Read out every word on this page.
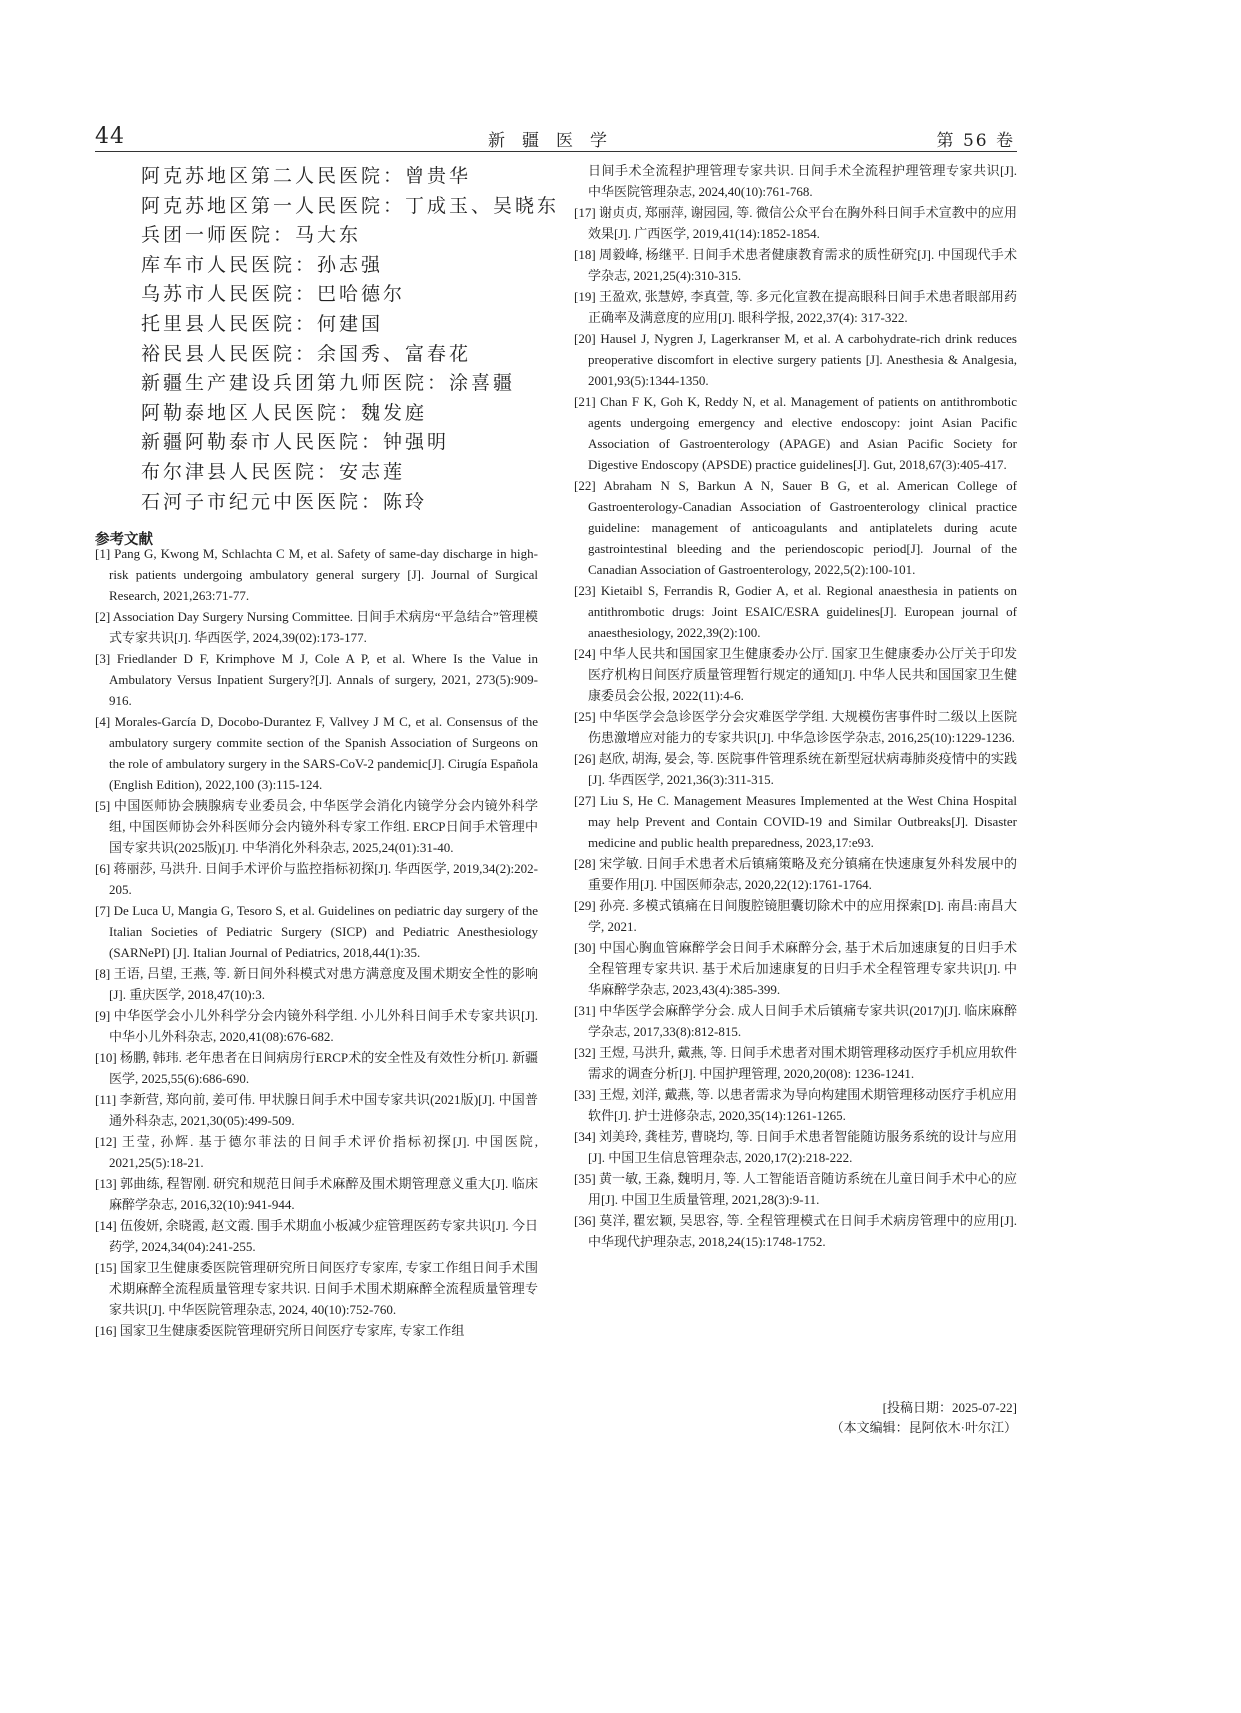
44	新疆医学	第 56 卷
阿克苏地区第二人民医院：曾贵华
阿克苏地区第一人民医院：丁成玉、吴晓东
兵团一师医院：马大东
库车市人民医院：孙志强
乌苏市人民医院：巴哈德尔
托里县人民医院：何建国
裕民县人民医院：余国秀、富春花
新疆生产建设兵团第九师医院：涂喜疆
阿勒泰地区人民医院：魏发庭
新疆阿勒泰市人民医院：钟强明
布尔津县人民医院：安志莲
石河子市纪元中医医院：陈玲
参考文献
[1] Pang G, Kwong M, Schlachta C M, et al. Safety of same-day discharge in high-risk patients undergoing ambulatory general surgery [J]. Journal of Surgical Research, 2021,263:71-77.
[2] Association Day Surgery Nursing Committee. 日间手术病房“平急结合”管理模式专家共识[J]. 华西医学, 2024,39(02):173-177.
[3] Friedlander D F, Krimphove M J, Cole A P, et al. Where Is the Value in Ambulatory Versus Inpatient Surgery?[J]. Annals of surgery, 2021, 273(5):909-916.
[4] Morales-García D, Docobo-Durantez F, Vallvey J M C, et al. Consensus of the ambulatory surgery commite section of the Spanish Association of Surgeons on the role of ambulatory surgery in the SARS-CoV-2 pandemic[J]. Cirugía Española (English Edition), 2022,100 (3):115-124.
[5] 中国医师协会胰腺病专业委员会, 中华医学会消化内镜学分会内镜外科学组, 中国医师协会外科医师分会内镜外科专家工作组. ERCP日间手术管理中国专家共识(2025版)[J]. 中华消化外科杂志, 2025,24(01):31-40.
[6] 蒋丽莎, 马洪升. 日间手术评价与监控指标初探[J]. 华西医学, 2019,34(2):202-205.
[7] De Luca U, Mangia G, Tesoro S, et al. Guidelines on pediatric day surgery of the Italian Societies of Pediatric Surgery (SICP) and Pediatric Anesthesiology (SARNePI) [J]. Italian Journal of Pediatrics, 2018,44(1):35.
[8] 王语, 吕望, 王燕, 等. 新日间外科模式对患方满意度及围术期安全性的影响[J]. 重庆医学, 2018,47(10):3.
[9] 中华医学会小儿外科学分会内镜外科学组. 小儿外科日间手术专家共识[J]. 中华小儿外科杂志, 2020,41(08):676-682.
[10] 杨鹏, 韩玮. 老年患者在日间病房行ERCP术的安全性及有效性分析[J]. 新疆医学, 2025,55(6):686-690.
[11] 李新营, 郑向前, 姜可伟. 甲状腺日间手术中国专家共识(2021版)[J]. 中国普通外科杂志, 2021,30(05):499-509.
[12] 王莹, 孙辉. 基于德尔菲法的日间手术评价指标初探[J]. 中国医院, 2021,25(5):18-21.
[13] 郭曲练, 程智刚. 研究和规范日间手术麻醉及围术期管理意义重大[J]. 临床麻醉学杂志, 2016,32(10):941-944.
[14] 伍俊妍, 余晓霞, 赵文霞. 围手术期血小板减少症管理医药专家共识[J]. 今日药学, 2024,34(04):241-255.
[15] 国家卫生健康委医院管理研究所日间医疗专家库, 专家工作组日间手术围术期麻醉全流程质量管理专家共识. 日间手术围术期麻醉全流程质量管理专家共识[J]. 中华医院管理杂志, 2024, 40(10):752-760.
[16] 国家卫生健康委医院管理研究所日间医疗专家库, 专家工作组
日间手术全流程护理管理专家共识. 日间手术全流程护理管理专家共识[J]. 中华医院管理杂志, 2024,40(10):761-768.
[17] 谢贞贞, 郑丽萍, 谢园园, 等. 微信公众平台在胸外科日间手术宣教中的应用效果[J]. 广西医学, 2019,41(14):1852-1854.
[18] 周毅峰, 杨继平. 日间手术患者健康教育需求的质性研究[J]. 中国现代手术学杂志, 2021,25(4):310-315.
[19] 王盈欢, 张慧婷, 李真萱, 等. 多元化宣教在提高眼科日间手术患者眼部用药正确率及满意度的应用[J]. 眼科学报, 2022,37(4): 317-322.
[20] Hausel J, Nygren J, Lagerkranser M, et al. A carbohydrate-rich drink reduces preoperative discomfort in elective surgery patients [J]. Anesthesia & Analgesia, 2001,93(5):1344-1350.
[21] Chan F K, Goh K, Reddy N, et al. Management of patients on antithrombotic agents undergoing emergency and elective endoscopy: joint Asian Pacific Association of Gastroenterology (APAGE) and Asian Pacific Society for Digestive Endoscopy (APSDE) practice guidelines[J]. Gut, 2018,67(3):405-417.
[22] Abraham N S, Barkun A N, Sauer B G, et al. American College of Gastroenterology-Canadian Association of Gastroenterology clinical practice guideline: management of anticoagulants and antiplatelets during acute gastrointestinal bleeding and the periendoscopic period[J]. Journal of the Canadian Association of Gastroenterology, 2022,5(2):100-101.
[23] Kietaibl S, Ferrandis R, Godier A, et al. Regional anaesthesia in patients on antithrombotic drugs: Joint ESAIC/ESRA guidelines[J]. European journal of anaesthesiology, 2022,39(2):100.
[24] 中华人民共和国国家卫生健康委办公厅. 国家卫生健康委办公厅关于印发医疗机构日间医疗质量管理暂行规定的通知[J]. 中华人民共和国国家卫生健康委员会公报, 2022(11):4-6.
[25] 中华医学会急诊医学分会灾难医学学组. 大规模伤害事件时二级以上医院伤患激增应对能力的专家共识[J]. 中华急诊医学杂志, 2016,25(10):1229-1236.
[26] 赵欣, 胡海, 晏会, 等. 医院事件管理系统在新型冠状病毒肺炎疫情中的实践[J]. 华西医学, 2021,36(3):311-315.
[27] Liu S, He C. Management Measures Implemented at the West China Hospital may help Prevent and Contain COVID-19 and Similar Outbreaks[J]. Disaster medicine and public health preparedness, 2023,17:e93.
[28] 宋学敏. 日间手术患者术后镇痛策略及充分镇痛在快速康复外科发展中的重要作用[J]. 中国医师杂志, 2020,22(12):1761-1764.
[29] 孙亮. 多模式镇痛在日间腹腔镜胆囊切除术中的应用探索[D]. 南昌:南昌大学, 2021.
[30] 中国心胸血管麻醉学会日间手术麻醉分会, 基于术后加速康复的日归手术全程管理专家共识. 基于术后加速康复的日归手术全程管理专家共识[J]. 中华麻醉学杂志, 2023,43(4):385-399.
[31] 中华医学会麻醉学分会. 成人日间手术后镇痛专家共识(2017)[J]. 临床麻醉学杂志, 2017,33(8):812-815.
[32] 王煜, 马洪升, 戴燕, 等. 日间手术患者对围术期管理移动医疗手机应用软件需求的调查分析[J]. 中国护理管理, 2020,20(08): 1236-1241.
[33] 王煜, 刘洋, 戴燕, 等. 以患者需求为导向构建围术期管理移动医疗手机应用软件[J]. 护士进修杂志, 2020,35(14):1261-1265.
[34] 刘美玲, 龚桂芳, 曹晓均, 等. 日间手术患者智能随访服务系统的设计与应用[J]. 中国卫生信息管理杂志, 2020,17(2):218-222.
[35] 黄一敏, 王淼, 魏明月, 等. 人工智能语音随访系统在儿童日间手术中心的应用[J]. 中国卫生质量管理, 2021,28(3):9-11.
[36] 莫洋, 瞿宏颖, 吴思容, 等. 全程管理模式在日间手术病房管理中的应用[J]. 中华现代护理杂志, 2018,24(15):1748-1752.
[投稿日期：2025-07-22]
（本文编辑：昆阿依木·叶尔江）
